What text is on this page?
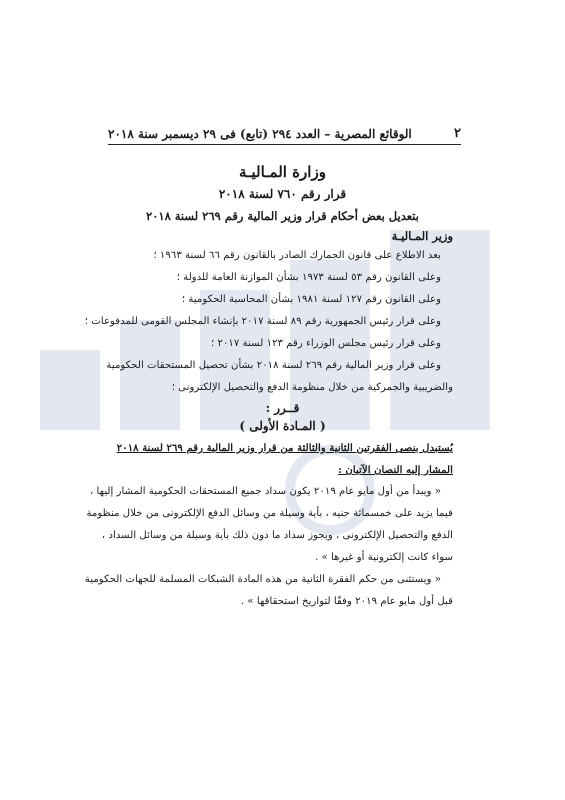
٢
الوقائع المصرية – العدد ٢٩٤ (تابع) فى ٢٩ ديسمبر سنة ٢٠١٨
وزارة المـاليـة
قرار رقم ٧٦٠ لسنة ٢٠١٨
بتعديل بعض أحكام قرار وزير المالية رقم ٢٦٩ لسنة ٢٠١٨
وزير المـاليـة

بعد الاطلاع على قانون الجمارك الصادر بالقانون رقم ٦٦ لسنة ١٩٦٣ ؛

وعلى القانون رقم ٥٣ لسنة ١٩٧٣ بشأن الموازنة العامة للدولة ؛

وعلى القانون رقم ١٢٧ لسنة ١٩٨١ بشأن المحاسبة الحكومية ؛

وعلى قرار رئيس الجمهورية رقم ٨٩ لسنة ٢٠١٧ بإنشاء المجلس القومى للمدفوعات ؛

وعلى قرار رئيس مجلس الوزراء رقم ١٢٣ لسنة ٢٠١٧ ؛

وعلى قرار وزير المالية رقم ٢٦٩ لسنة ٢٠١٨ بشأن تحصيل المستحقات الحكومية

والضريبية والجمركية من خلال منظومة الدفع والتحصيل الإلكترونى ؛

قــرر :
( المـادة الأولى )

يُستبدل بنصى الفقرتين الثانية والثالثة من قرار وزير المالية رقم ٢٦٩ لسنة ٢٠١٨

المشار إليه النصان الآتيان :

« ويبدأ من أول مايو عام ٢٠١٩ يكون سداد جميع المستحقات الحكومية المشار إليها ،

فيما يزيد على خمسمائة جنيه ، بأية وسيلة من وسائل الدفع الإلكترونى من خلال منظومة

الدفع والتحصيل الإلكترونى ، ويجوز سداد ما دون ذلك بأية وسيلة من وسائل السداد ،

سواء كانت إلكترونية أو غيرها » .

« ويستثنى من حكم الفقرة الثانية من هذه المادة الشبكات المسلمة للجهات الحكومية

قبل أول مايو عام ٢٠١٩ وفقًا لتواريخ استحقاقها » .
